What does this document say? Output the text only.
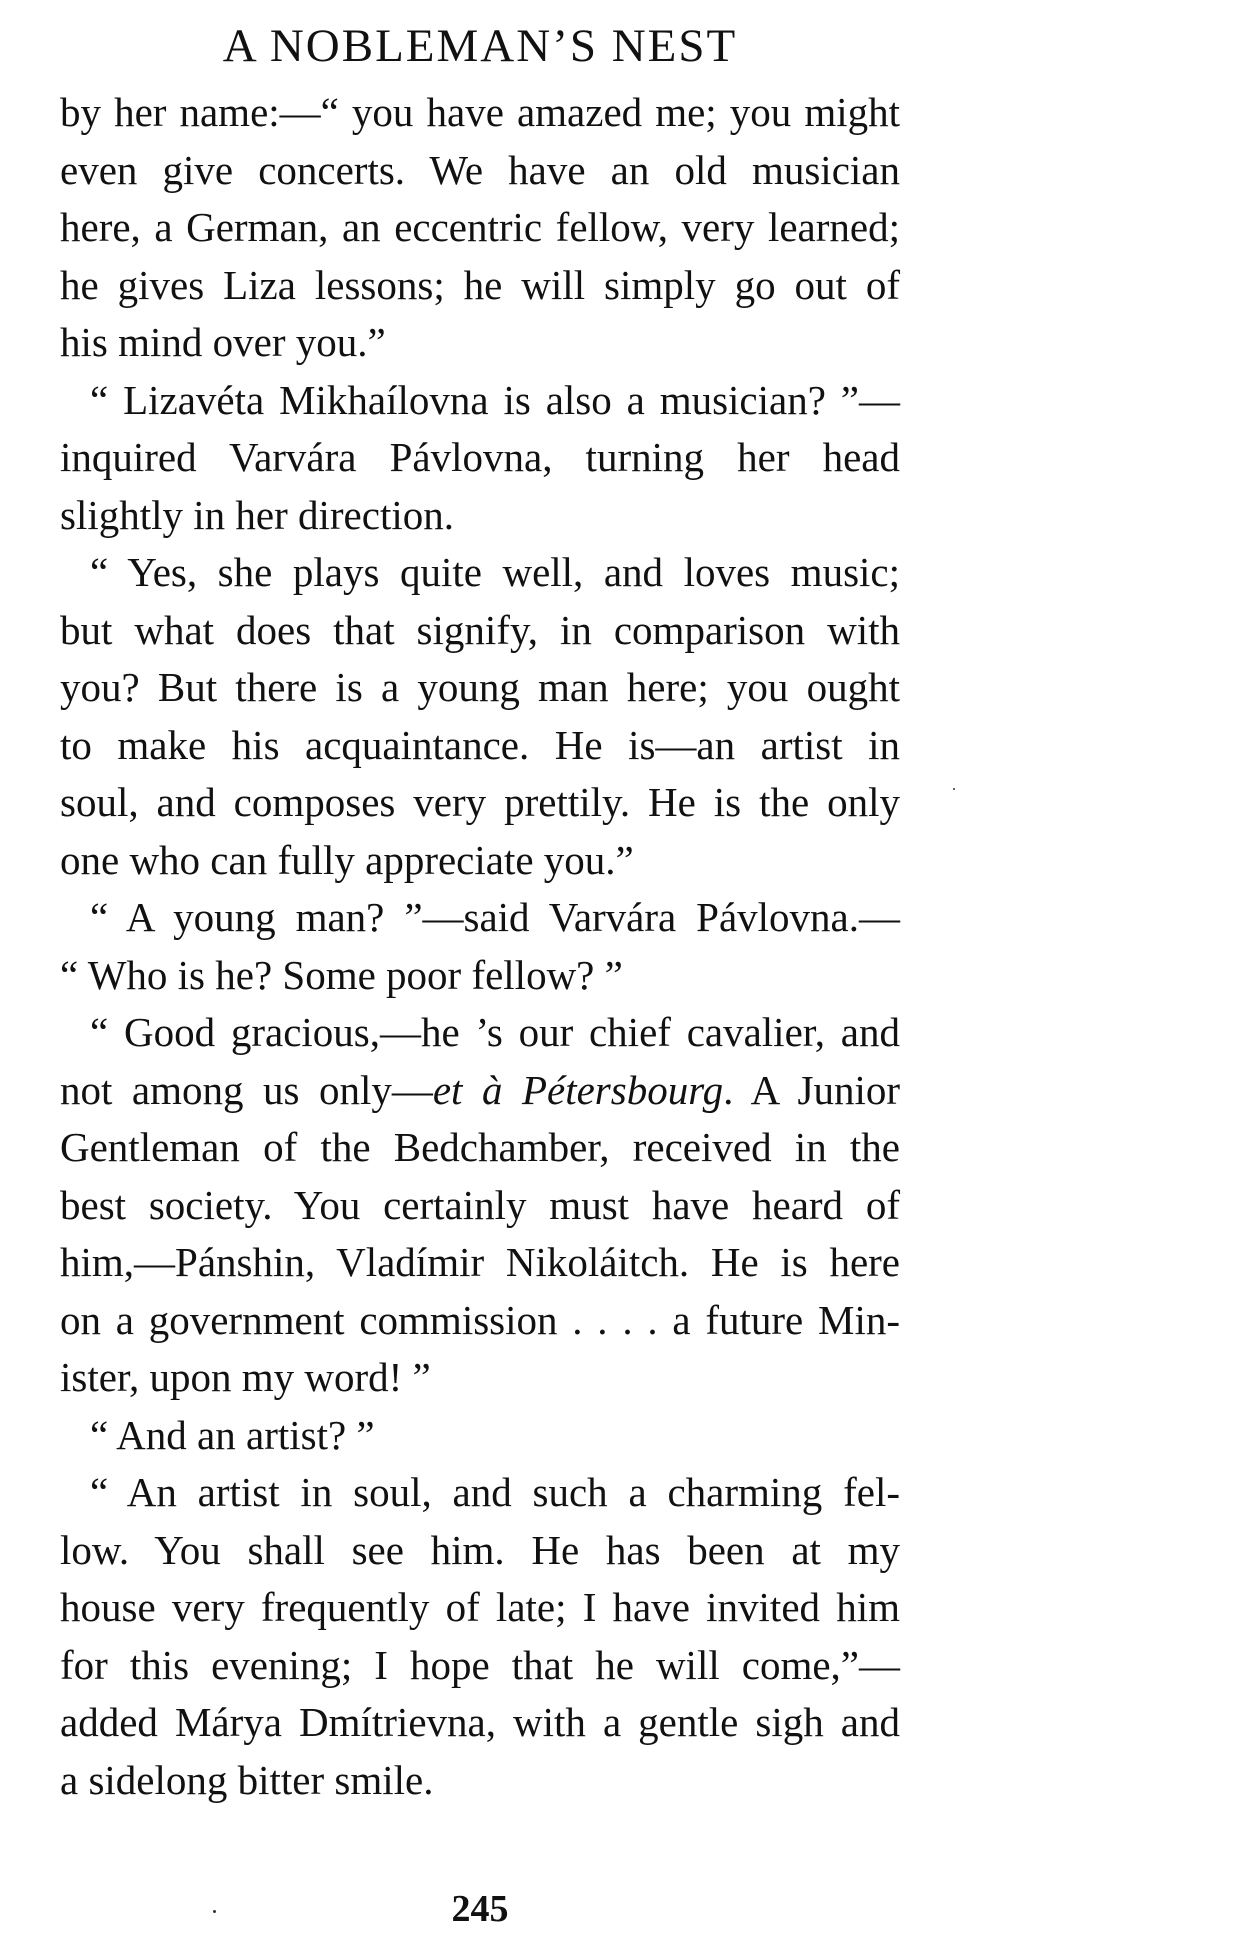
A NOBLEMAN’S NEST
by her name:—“ you have amazed me; you might
even give concerts. We have an old musician
here, a German, an eccentric fellow, very learned;
he gives Liza lessons; he will simply go out of
his mind over you.”
“ Lizavéta Mikhaílovna is also a musician? ”—
inquired Varvára Pávlovna, turning her head
slightly in her direction.
“ Yes, she plays quite well, and loves music;
but what does that signify, in comparison with
you? But there is a young man here; you ought
to make his acquaintance. He is—an artist in
soul, and composes very prettily. He is the only
one who can fully appreciate you.”
“ A young man? ”—said Varvára Pávlovna.—
“ Who is he? Some poor fellow? ”
“ Good gracious,—he ’s our chief cavalier, and
not among us only—et à Pétersbourg. A Junior
Gentleman of the Bedchamber, received in the
best society. You certainly must have heard of
him,—Pánshin, Vladímir Nikoláitch. He is here
on a government commission . . . . a future Min-
ister, upon my word! ”
“ And an artist? ”
“ An artist in soul, and such a charming fel-
low. You shall see him. He has been at my
house very frequently of late; I have invited him
for this evening; I hope that he will come,”—
added Márya Dmítrievna, with a gentle sigh and
a sidelong bitter smile.
245
